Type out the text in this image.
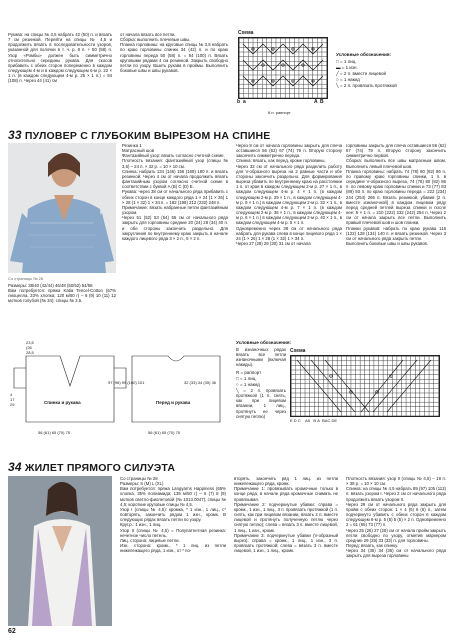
Рукава: на спицы № 3,5 набрать 42 (50) п. и вязать 7 см резинкой. Перейти на спицы № 4,5 и продолжить вязать в последовательности узоров, указанной для полочки в т. ч. р. 8 п. + 50 (58) п. Узор «Ромбы» должен быть симметрично относительно середины рукава. Для скосов прибавить с обеих сторон попеременно в каждом следующем 4-м и в каждом следующем 6-м р. 22 × 1 п. (в каждом следующем 4-м р. 25 × 1 п.) = 94 (108) п. Через 44 (41) см
от начала вязать все петли.
Сборка: выполнить плечевые швы.
Планка горловины: на круговые спицы № 3,5 набрать по краю горловины спинки 34 (42) п. и по краю горловины переда 50 (58) п. = 84 (100) п. Вязать круговыми рядами 4 см резинкой. Закрыть свободно петли по узору. Вшить рукава в проймы. Выполнить боковые швы и швы рукавов.
Схема
b a	A B
8 п. раппорт
Условные обозначения:
□ = 1 лиц.
▬ = 1 изн.
╱ = 2 п. вместе лицевой
○ = 1 накид
╲ = 2 п. провязать протяжкой
33 ПУЛОВЕР С ГЛУБОКИМ ВЫРЕЗОМ НА СПИНЕ
Со страницы № 26
Размеры: 38/40 (42/44) 46/48 (50/52) 54/56
Вам потребуется: пряжа Katia Tencel-Cotton (67% лиоцелла, 33% хлопка; 120 м/50 г) – 8 (9) 10 (11) 12 мотков голубой (№ 34); спицы № 3,5.
Резинка 1
Матрасный шов
Фантазийный узор: вязать согласно счетной схеме.
Плотность вязания: фантазийный узор (спицы № 3,5) – 24 п. × 32 р. = 10 × 10 см.
Спинка: набрать 134 (146) 156 (168) 180 п. и вязать резинкой. Через 4 см от начала продолжить вязать фантазийным узором согласно счетной схеме в соответствии с буквой A (B) C (D) E.
Рукава: через 38 см от начального ряда прибавить с обеих сторон в конце каждого ряда 1 × 24 (1 × 26) 1 × 28 (1 × 32) 1 × 34 п. = 182 (198) 212 (232) 248 п.
Примечание: вязать набранные петли фантазийным узором.
Через 51 (52) 53 (54) 55 см от начального ряда закрыть для горловины средние 20 (24) 28 (34) 40 п. и обе стороны закончить раздельно. Для закругления по внутреннему краю закрыть в начале каждого лицевого ряда 3 × 2 п., 8 × 2 п.
Через 8 см от начала горловины закрыть для плеча оставшиеся 56 (62) 67 (74) 79 п. Вторую сторону закончить симметрично переда.
Спинка: вязать, как перед, кроме горловины.
Через 32 см от начального ряда разделить работу для V-образного выреза на 2 равные части и обе стороны закончить раздельно. Для формирования выреза убавить по внутреннему краю на расстоянии 1 п. от края в каждом следующем 2-м р. 27 × 1 п., в каждом следующем 4-м р. 4 × 1 п. (в каждом следующем 2-м р. 29 × 1 п., в каждом следующем 4-м р. 8 × 1 п.) в каждом следующем 2-м р. 32 × 1 п., в каждом следующем 4-м р. 7 × 1 п. (в каждом следующем 2-м р. 36 × 1 п., в каждом следующем 4-м р. 6 × 1 п.) в каждом следующем 2-м р. 40 × 1 п., в каждом следующем 4-м р. 5 × 1 п.
Одновременно через 38 см от начального ряда набрать для рукава слева в конце лицевого ряда 1 × 24 (1 × 26) 1 × 28 (1 × 32) 1 × 34 п.
Через 27 (28) 29 (30) 31 см от начала
горловины закрыть для плеча оставшиеся 56 (62) 67 (74) 79 п. Вторую сторону закончить симметрично первой.
Сборка: выполнить все швы матрасным швом. Выполнить левый плечевой шов.
Планка горловины: набрать 74 (78) 80 (82) 86 п. по правому краю горловины спинки, 1 п. в середине V-образного выреза, 74 (78) 80 (82) 86 п. по левому краю горловины спинки и 73 (77) 83 (89) 93 п. по краю горловины переда = 222 (234) 244 (254) 266 п. Вязать резинкой, убавив [2 п. вместе изнаночной] в каждом лицевом ряду перед средней петлей выреза спинки и после нее: 6 × 1 п. = 210 (222) 232 (242) 254 п. Через 2 см от начала закрыть все петли. Выполнить правый плечевой шов и шов планки.
Планки рукавов: набрать по краю рукава 116 (122) 128 (134) 140 п. и вязать резинкой. Через 3 см от начального ряда закрыть петли.
Выполнить боковые швы и швы рукавов.
Спинка и рукава	Перед и рукава
23,5
(26
28,5
4
17
29
56 (61) 65 (70) 75	56 (61) 65 (70) 75
97 (98) 99 (100) 101	32 (33) 34 (35) 36
Условные обозначения:
В изнаночных рядах вязать все петли изнаночными (включая накиды).
R = раппорт
□ = 1 лиц.
○ = 1 накид
╲ = 2 п. провязать протяжкой (1 п. снять, как при лицевом вязании, 1 лиц., протянуть ее через снятую петлю)
Схема
E D C A5 B A BAC DE
34 ЖИЛЕТ ПРЯМОГО СИЛУЭТА
Со страницы № 28
Размеры: S (M) L (XL)
Вам потребуется: пряжа Langyarns Happiness (65% хлопка, 35% полиамида; 135 м/50 г) – 6 (7) 8 (9) мотков светло-фиолетовой (№ 1013.0047); спицы № 4,5; короткие круговые спицы № 4,5.
Узор I (спицы № 4,5): кромка, * 1 изн., 1 лиц., с* повторять, закончить рядом 1 изн., кромк. В следующих рядах вязать петли по узору.
Круг.р.: 1 изн., 1 лиц.
Узор II (спицы № 4,5) = Полупатентная резинка: нечетное число петель.
Лиц. сторона: лицевые петли.
Изн. сторона: кромк., * 1 лиц. из петли нижележащего ряда, 1 изн., от * по-
вторять, закончить ряд 1 лиц. из петли нижележащего ряда, кромк.
Примечание 1: провязывать кромочные только в конце ряда, в начале ряда кромочные снимать не провязывая.
Примечание 2: подчеркнутые убавки: справа = кромк., 1 изн., 1 лиц., 3 п. провязать протяжкой (1 п. снять, как при лицевом вязании, вязать 2 п. вместе лицевой и протянуть полученную петлю через снятую петлю); слева = вязать 3 п. вместе лицевой, 1 лиц., 1 изн., кромк.
Примечание 3: подчеркнутые убавки (V-образный вырез): справа = кромк., 1 лиц., 1 изн., 3 п. провязать протяжкой; слева = вязать 3 п. вместе лицевой, 1 изн., 1 лиц., кромк.
Плотность вязания: узор II (спицы № 4,5) – 18 п. × 38 р. = 10 × 10 см.
Спинка: на спицы № 4,5 набрать 89 (97) 105 (113) п. вязать узором I. Через 2 см от начального ряда продолжить вязать узором II.
Через 29 см от начального ряда закрыть для пройм с обеих сторон: 1 × 4 (5) 6 (6) п., затем подчеркнуто убавить с обеих сторон в каждом следующем 6-м р. 5 (5) 5 (5) × 2 п. Одновременно 2 = 61 (65) 73 (77) п.
Через 25 (26) 27 (28) см от начала пройм закрыть петли свободно по узору, отметив маркером средние 29 (29) 33 (33) п. для горловины.
Перед: вязать, как спинку.
Через 34 (35) 34 (35) см от начального ряда закрыть для выреза горловины
62
